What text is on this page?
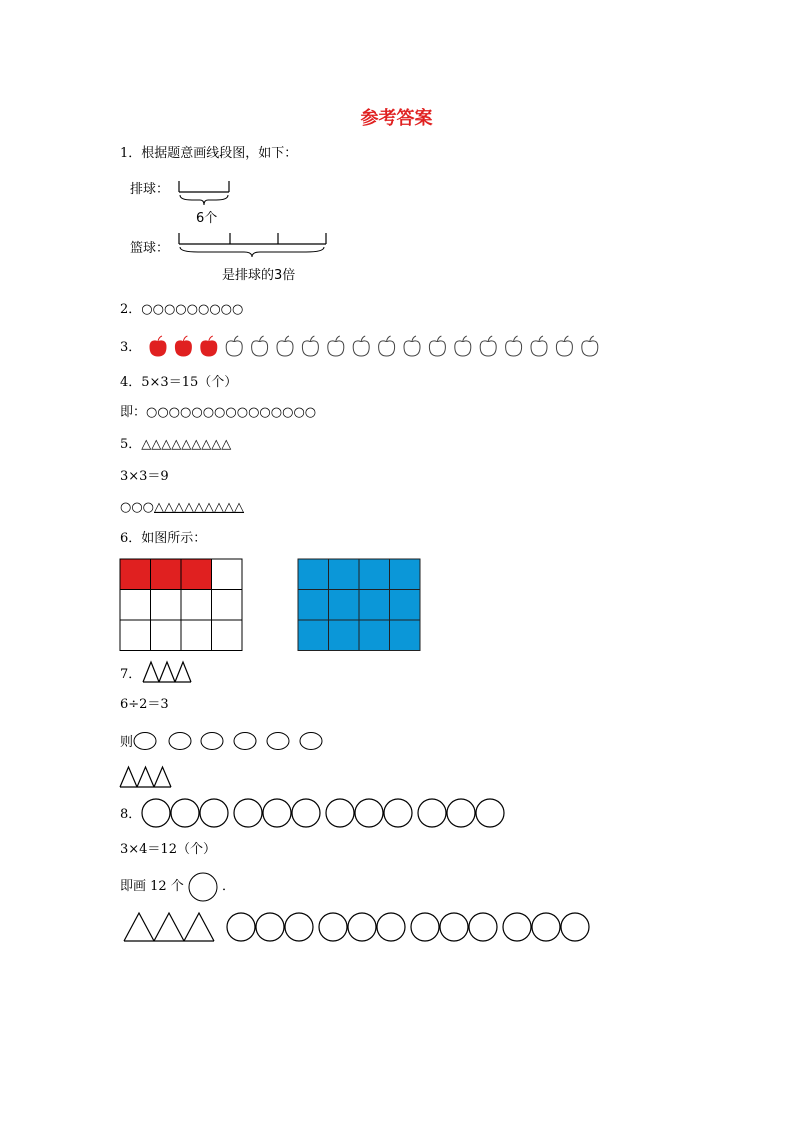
参考答案
1．根据题意画线段图，如下：
排球：
6个
篮球：
是排球的3倍
2．○○○○○○○○○
3．
4．5×3＝15（个）
即：○○○○○○○○○○○○○○○
5．△△△△△△△△△
3×3＝9
○○○△△△△△△△△△
6．如图所示：
7．
6÷2＝3
则
8．
3×4＝12（个）
即画 12 个	．
